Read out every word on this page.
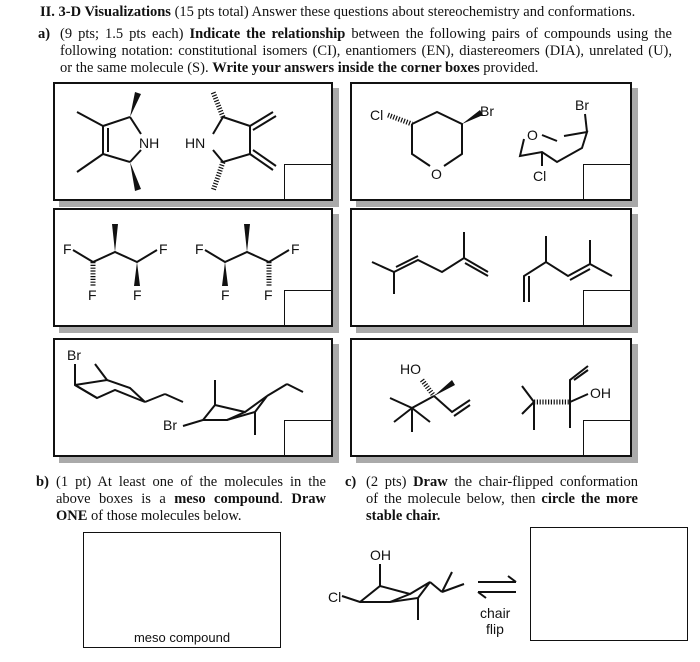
II. 3-D Visualizations (15 pts total) Answer these questions about stereochemistry and conformations.
a) (9 pts; 1.5 pts each) Indicate the relationship between the following pairs of compounds using the following notation: constitutional isomers (CI), enantiomers (EN), diastereomers (DIA), unrelated (U), or the same molecule (S). Write your answers inside the corner boxes provided.
NH HN
Cl
O
Br	Br
O
Cl
F	F
F	F
F	F
F F
Br
Br
HO
OH
b) (1 pt) At least one of the molecules in the above boxes is a meso compound. Draw ONE of those molecules below.
meso compound
c) (2 pts) Draw the chair-flipped conformation of the molecule below, then circle the more stable chair.
OH
Cl
chair
flip
